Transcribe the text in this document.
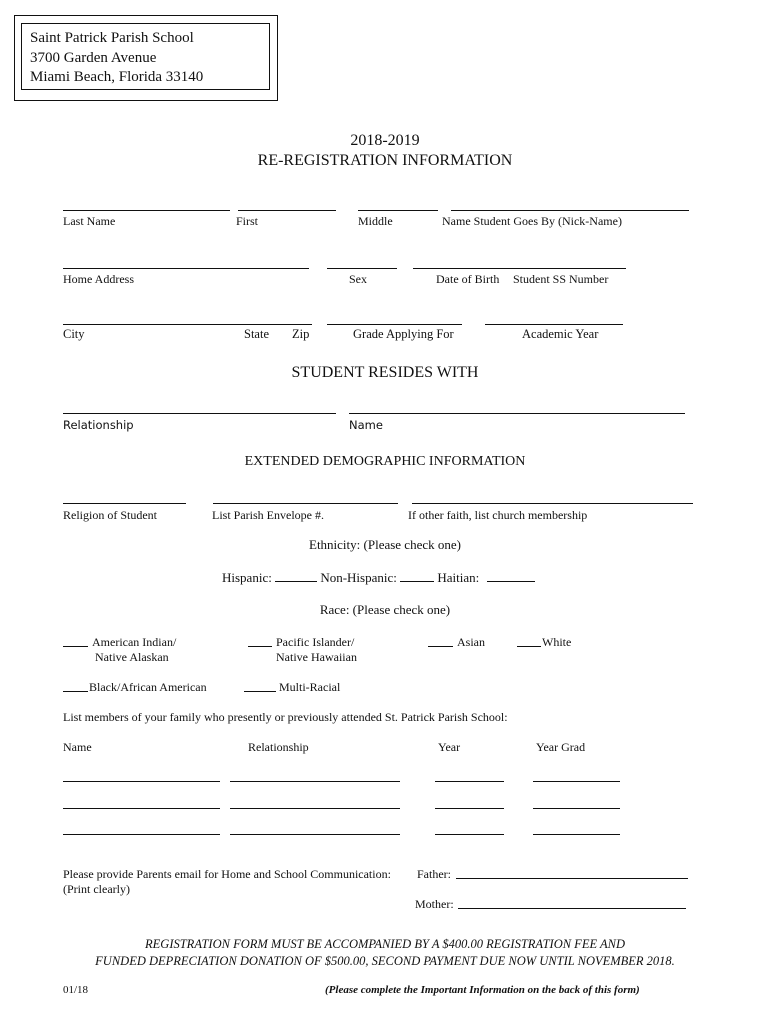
Saint Patrick Parish School
3700 Garden Avenue
Miami Beach, Florida 33140
2018-2019
RE-REGISTRATION INFORMATION
Last Name	First	Middle	Name Student Goes By (Nick-Name)
Home Address	Sex	Date of Birth Student SS Number
City	State Zip	Grade Applying For	Academic Year
STUDENT RESIDES WITH
Relationship	Name
EXTENDED DEMOGRAPHIC INFORMATION
Religion of Student	List Parish Envelope #.	If other faith, list church membership
Ethnicity: (Please check one)
Hispanic:	Non-Hispanic:	Haitian:
Race: (Please check one)
American Indian/
Native Alaskan
Pacific Islander/
Native Hawaiian
Asian	White
Black/African American	Multi-Racial
List members of your family who presently or previously attended St. Patrick Parish School:
Name	Relationship	Year	Year Grad
Please provide Parents email for Home and School Communication:
(Print clearly)
Father:
Mother:
REGISTRATION FORM MUST BE ACCOMPANIED BY A $400.00 REGISTRATION FEE AND
FUNDED DEPRECIATION DONATION OF $500.00, SECOND PAYMENT DUE NOW UNTIL NOVEMBER 2018.
01/18	(Please complete the Important Information on the back of this form)
